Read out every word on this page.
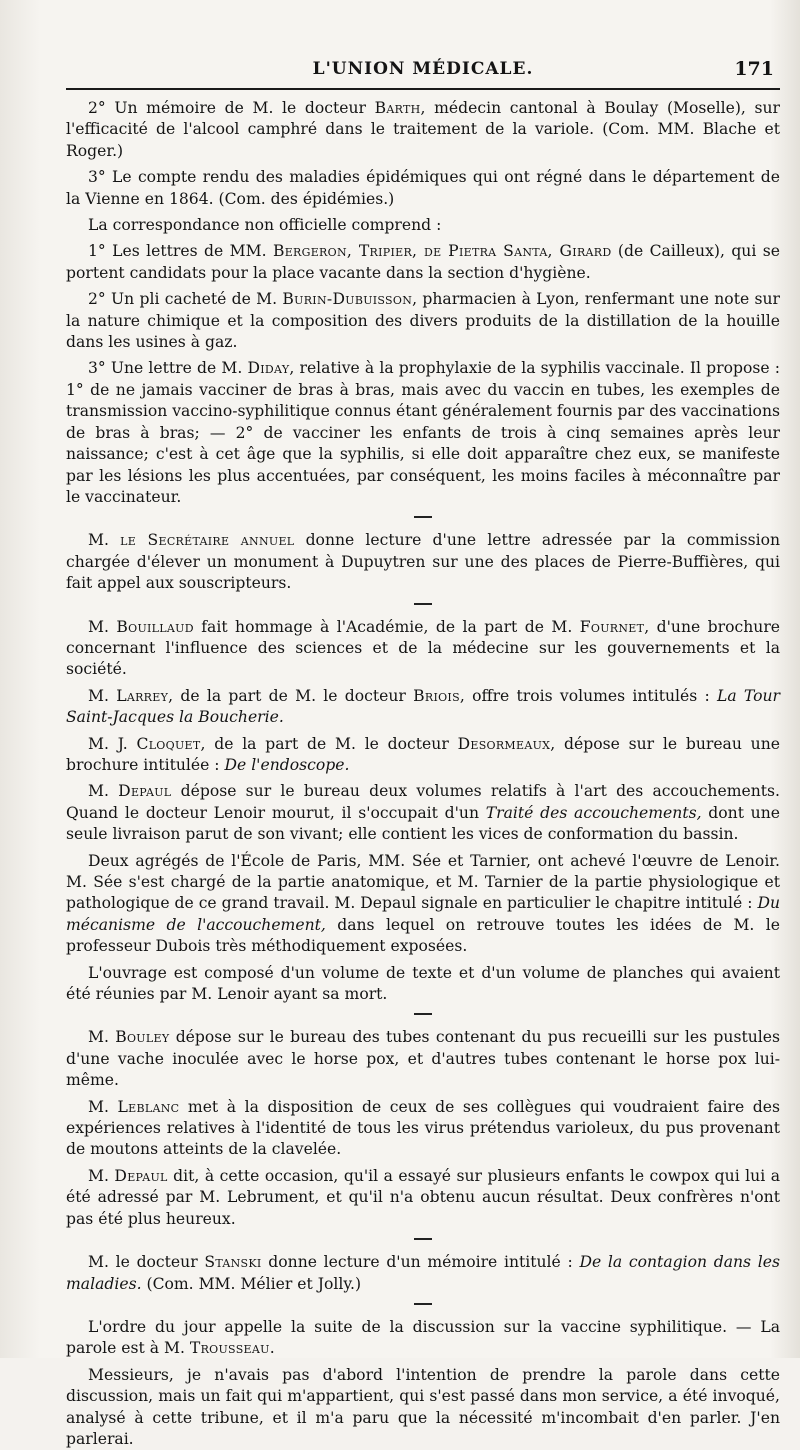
L'UNION MÉDICALE.	171

2° Un mémoire de M. le docteur Barth, médecin cantonal à Boulay (Moselle), sur l'efficacité de l'alcool camphré dans le traitement de la variole. (Com. MM. Blache et Roger.)

3° Le compte rendu des maladies épidémiques qui ont régné dans le département de la Vienne en 1864. (Com. des épidémies.)

La correspondance non officielle comprend :

1° Les lettres de MM. Bergeron, Tripier, de Pietra Santa, Girard (de Cailleux), qui se portent candidats pour la place vacante dans la section d'hygiène.

2° Un pli cacheté de M. Burin-Dubuisson, pharmacien à Lyon, renfermant une note sur la nature chimique et la composition des divers produits de la distillation de la houille dans les usines à gaz.

3° Une lettre de M. Diday, relative à la prophylaxie de la syphilis vaccinale. Il propose : 1° de ne jamais vacciner de bras à bras, mais avec du vaccin en tubes, les exemples de transmission vaccino-syphilitique connus étant généralement fournis par des vaccinations de bras à bras; — 2° de vacciner les enfants de trois à cinq semaines après leur naissance; c'est à cet âge que la syphilis, si elle doit apparaître chez eux, se manifeste par les lésions les plus accentuées, par conséquent, les moins faciles à méconnaître par le vaccinateur.

M. le Secrétaire annuel donne lecture d'une lettre adressée par la commission chargée d'élever un monument à Dupuytren sur une des places de Pierre-Buffières, qui fait appel aux souscripteurs.

M. Bouillaud fait hommage à l'Académie, de la part de M. Fournet, d'une brochure concernant l'influence des sciences et de la médecine sur les gouvernements et la société.

M. Larrey, de la part de M. le docteur Briois, offre trois volumes intitulés : La Tour Saint-Jacques la Boucherie.

M. J. Cloquet, de la part de M. le docteur Desormeaux, dépose sur le bureau une brochure intitulée : De l'endoscope.

M. Depaul dépose sur le bureau deux volumes relatifs à l'art des accouchements. Quand le docteur Lenoir mourut, il s'occupait d'un Traité des accouchements, dont une seule livraison parut de son vivant; elle contient les vices de conformation du bassin.

Deux agrégés de l'École de Paris, MM. Sée et Tarnier, ont achevé l'œuvre de Lenoir. M. Sée s'est chargé de la partie anatomique, et M. Tarnier de la partie physiologique et pathologique de ce grand travail. M. Depaul signale en particulier le chapitre intitulé : Du mécanisme de l'accouchement, dans lequel on retrouve toutes les idées de M. le professeur Dubois très méthodiquement exposées.

L'ouvrage est composé d'un volume de texte et d'un volume de planches qui avaient été réunies par M. Lenoir ayant sa mort.

M. Bouley dépose sur le bureau des tubes contenant du pus recueilli sur les pustules d'une vache inoculée avec le horse pox, et d'autres tubes contenant le horse pox lui-même.

M. Leblanc met à la disposition de ceux de ses collègues qui voudraient faire des expériences relatives à l'identité de tous les virus prétendus varioleux, du pus provenant de moutons atteints de la clavelée.

M. Depaul dit, à cette occasion, qu'il a essayé sur plusieurs enfants le cowpox qui lui a été adressé par M. Lebrument, et qu'il n'a obtenu aucun résultat. Deux confrères n'ont pas été plus heureux.

M. le docteur Stanski donne lecture d'un mémoire intitulé : De la contagion dans les maladies. (Com. MM. Mélier et Jolly.)

L'ordre du jour appelle la suite de la discussion sur la vaccine syphilitique. — La parole est à M. Trousseau.

Messieurs, je n'avais pas d'abord l'intention de prendre la parole dans cette discussion, mais un fait qui m'appartient, qui s'est passé dans mon service, a été invoqué, analysé à cette tribune, et il m'a paru que la nécessité m'incombait d'en parler. J'en parlerai.
